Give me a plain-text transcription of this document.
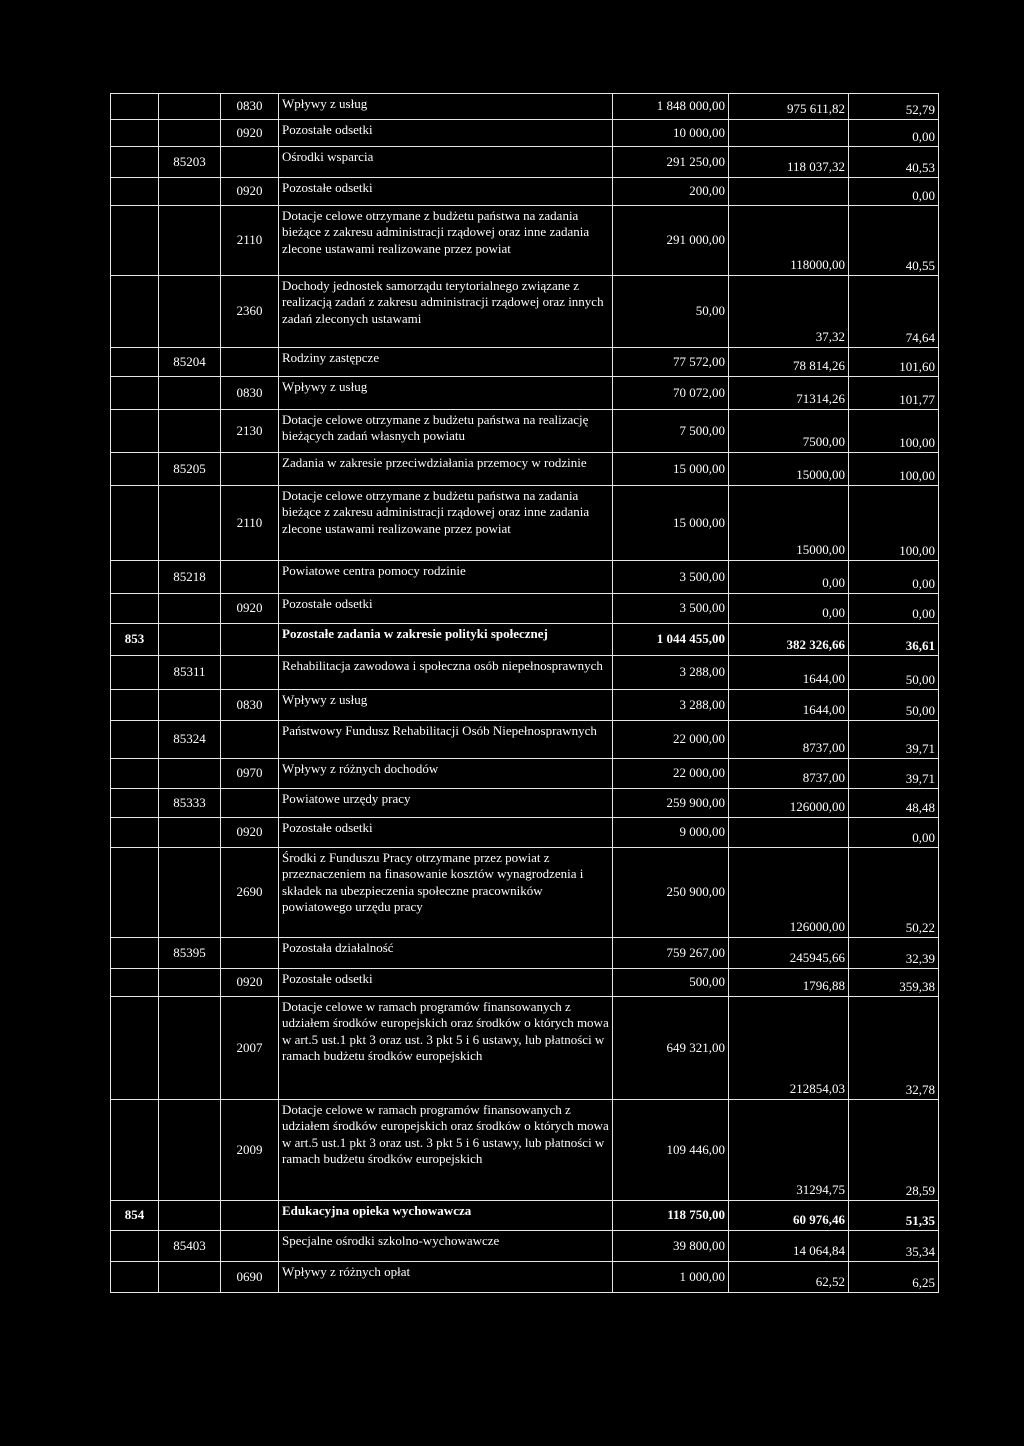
		0830	Wpływy z usług	1 848 000,00	975 611,82	52,79
		0920	Pozostałe odsetki	10 000,00		0,00
	85203		Ośrodki wsparcia	291 250,00	118 037,32	40,53
		0920	Pozostałe odsetki	200,00		0,00
		2110	Dotacje celowe otrzymane z budżetu państwa na zadania bieżące z zakresu administracji rządowej oraz inne zadania zlecone ustawami realizowane przez powiat	291 000,00	118000,00	40,55
		2360	Dochody jednostek samorządu terytorialnego związane z realizacją zadań z zakresu administracji rządowej oraz innych zadań zleconych ustawami	50,00	37,32	74,64
	85204		Rodziny zastępcze	77 572,00	78 814,26	101,60
		0830	Wpływy z usług	70 072,00	71314,26	101,77
		2130	Dotacje celowe otrzymane z budżetu państwa na realizację bieżących zadań własnych powiatu	7 500,00	7500,00	100,00
	85205		Zadania w zakresie przeciwdziałania przemocy w rodzinie	15 000,00	15000,00	100,00
		2110	Dotacje celowe otrzymane z budżetu państwa na zadania bieżące z zakresu administracji rządowej oraz inne zadania zlecone ustawami realizowane przez powiat	15 000,00	15000,00	100,00
	85218		Powiatowe centra pomocy rodzinie	3 500,00	0,00	0,00
		0920	Pozostałe odsetki	3 500,00	0,00	0,00
853			Pozostałe zadania w zakresie polityki społecznej	1 044 455,00	382 326,66	36,61
	85311		Rehabilitacja zawodowa i społeczna osób niepełnosprawnych	3 288,00	1644,00	50,00
		0830	Wpływy z usług	3 288,00	1644,00	50,00
	85324		Państwowy Fundusz Rehabilitacji Osób Niepełnosprawnych	22 000,00	8737,00	39,71
		0970	Wpływy z różnych dochodów	22 000,00	8737,00	39,71
	85333		Powiatowe urzędy pracy	259 900,00	126000,00	48,48
		0920	Pozostałe odsetki	9 000,00		0,00
		2690	Środki z Funduszu Pracy otrzymane przez powiat z przeznaczeniem na finasowanie kosztów wynagrodzenia i składek na ubezpieczenia społeczne pracowników powiatowego urzędu pracy	250 900,00	126000,00	50,22
	85395		Pozostała działalność	759 267,00	245945,66	32,39
		0920	Pozostałe odsetki	500,00	1796,88	359,38
		2007	Dotacje celowe w ramach programów finansowanych z udziałem środków europejskich oraz środków o których mowa w art.5 ust.1 pkt 3 oraz ust. 3 pkt 5 i 6 ustawy, lub płatności w ramach budżetu środków europejskich	649 321,00	212854,03	32,78
		2009	Dotacje celowe w ramach programów finansowanych z udziałem środków europejskich oraz środków o których mowa w art.5 ust.1 pkt 3 oraz ust. 3 pkt 5 i 6 ustawy, lub płatności w ramach budżetu środków europejskich	109 446,00	31294,75	28,59
854			Edukacyjna opieka wychowawcza	118 750,00	60 976,46	51,35
	85403		Specjalne ośrodki szkolno-wychowawcze	39 800,00	14 064,84	35,34
		0690	Wpływy z różnych opłat	1 000,00	62,52	6,25
